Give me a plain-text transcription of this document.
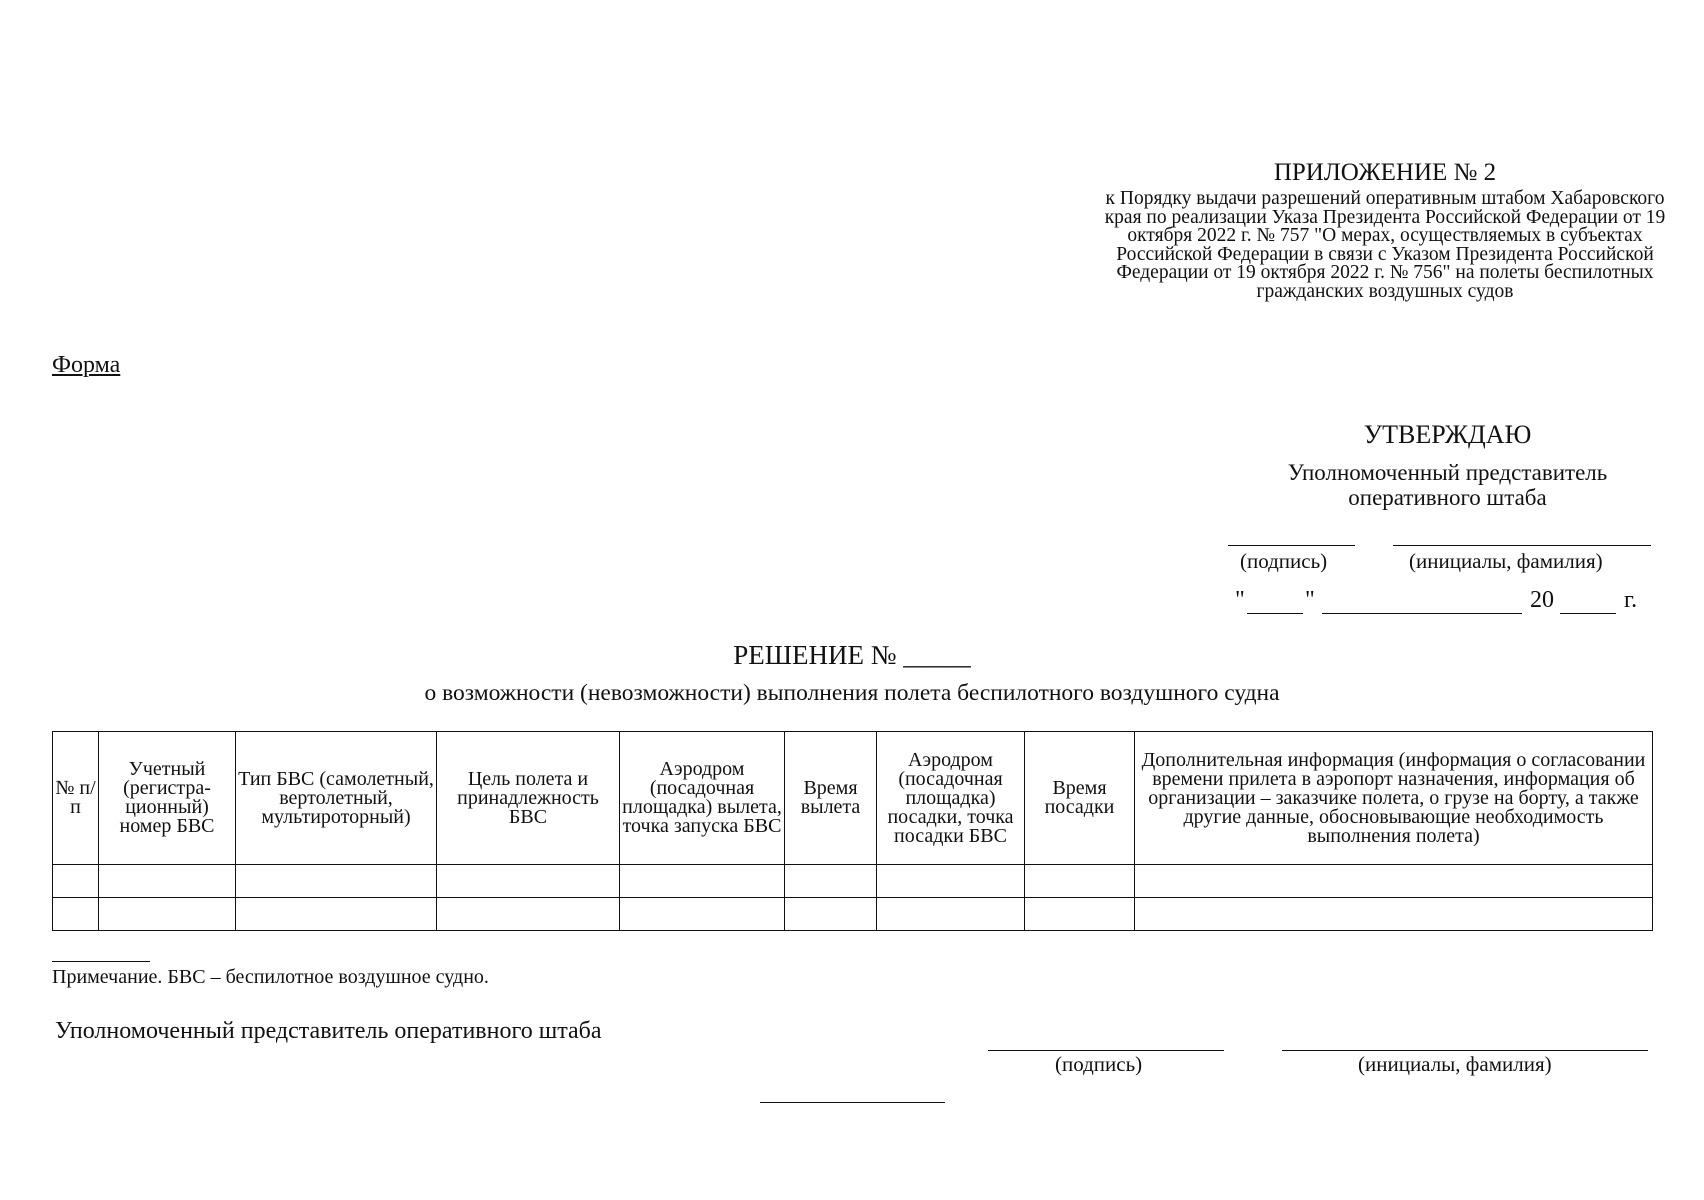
ПРИЛОЖЕНИЕ № 2
к Порядку выдачи разрешений оперативным штабом Хабаровского края по реализации Указа Президента Российской Федерации от 19 октября 2022 г. № 757 "О мерах, осуществляемых в субъектах Российской Федерации в связи с Указом Президента Российской Федерации от 19 октября 2022 г. № 756" на полеты беспилотных гражданских воздушных судов
Форма
УТВЕРЖДАЮ
Уполномоченный представитель оперативного штаба
(подпись)	(инициалы, фамилия)
"	"	20	г.
РЕШЕНИЕ № _____
о возможности (невозможности) выполнения полета беспилотного воздушного судна
№ п/п	Учетный (регистра-ционный) номер БВС	Тип БВС (самолетный, вертолетный, мультироторный)	Цель полета и принадлежность БВС	Аэродром (посадочная площадка) вылета, точка запуска БВС	Время вылета	Аэродром (посадочная площадка) посадки, точка посадки БВС	Время посадки	Дополнительная информация (информация о согласовании времени прилета в аэропорт назначения, информация об организации – заказчике полета, о грузе на борту, а также другие данные, обосновывающие необходимость выполнения полета)

Примечание. БВС – беспилотное воздушное судно.
Уполномоченный представитель оперативного штаба
(подпись)	(инициалы, фамилия)
